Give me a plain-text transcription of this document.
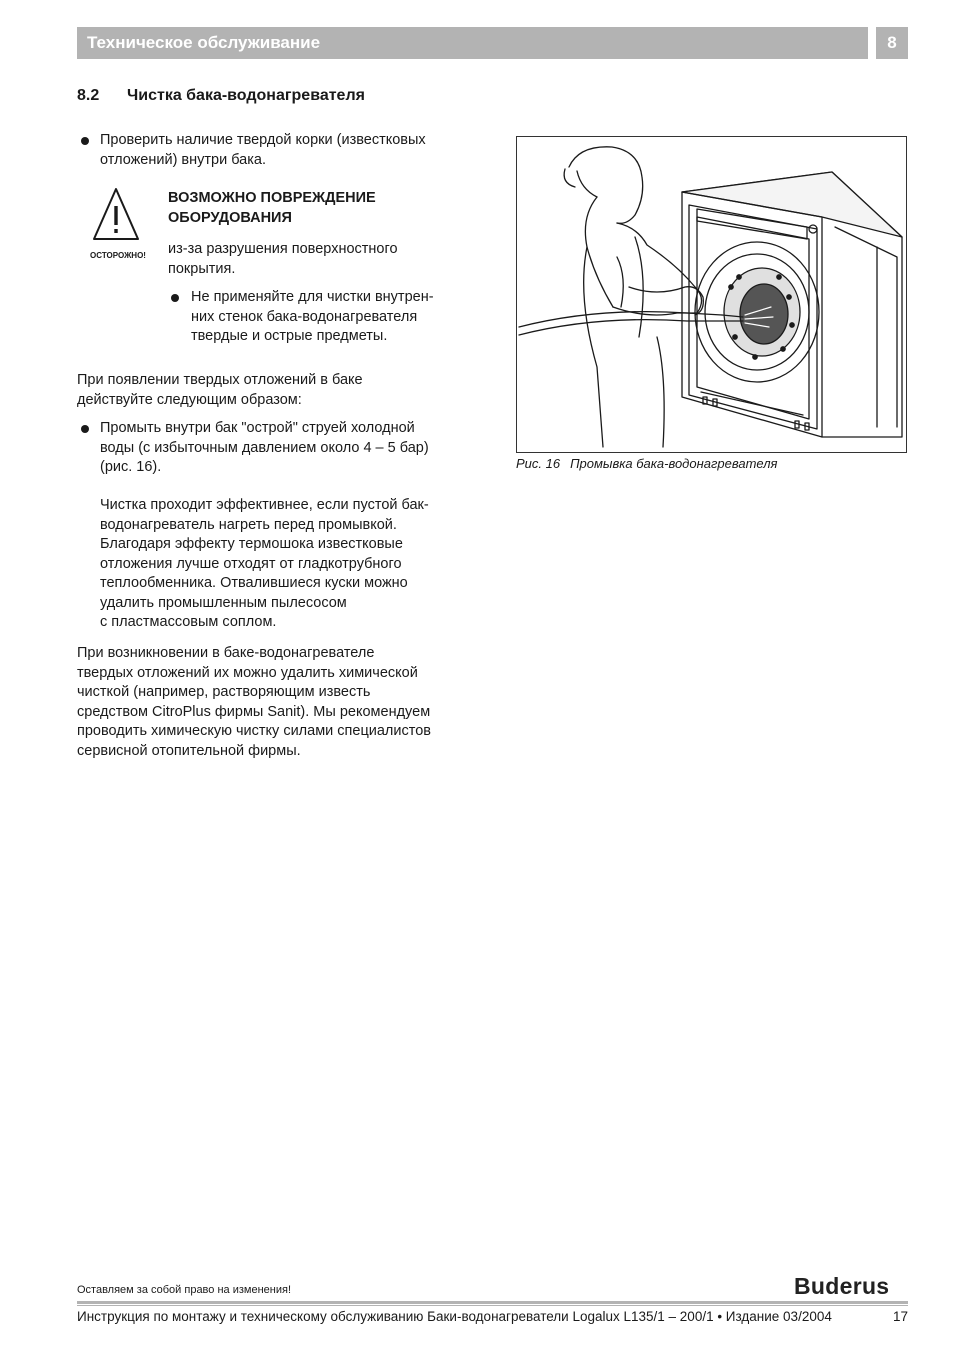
Техническое обслуживание	8
8.2 Чистка бака-водонагревателя
Проверить наличие твердой корки (известковых
отложений) внутри бака.
ОСТОРОЖНО!
ВОЗМОЖНО ПОВРЕЖДЕНИЕ
ОБОРУДОВАНИЯ
из-за разрушения поверхностного
покрытия.
Не применяйте для чистки внутрен-
них стенок бака-водонагревателя
твердые и острые предметы.
При появлении твердых отложений в баке
действуйте следующим образом:
Промыть внутри бак "острой" струей холодной
воды (с избыточным давлением около 4 – 5 бар)
(рис. 16).
Чистка проходит эффективнее, если пустой бак-
водонагреватель нагреть перед промывкой.
Благодаря эффекту термошока известковые
отложения лучше отходят от гладкотрубного
теплообменника. Отвалившиеся куски можно
удалить промышленным пылесосом
с пластмассовым соплом.
При возникновении в баке-водонагревателе
твердых отложений их можно удалить химической
чисткой (например, растворяющим известь
средством CitroPlus фирмы Sanit). Мы рекомендуем
проводить химическую чистку силами специалистов
сервисной отопительной фирмы.
Рис. 16 Промывка бака-водонагревателя
Оставляем за собой право на изменения!	Buderus
Инструкция по монтажу и техническому обслуживанию Баки-водонагреватели Logalux L135/1 – 200/1 • Издание 03/2004	17
